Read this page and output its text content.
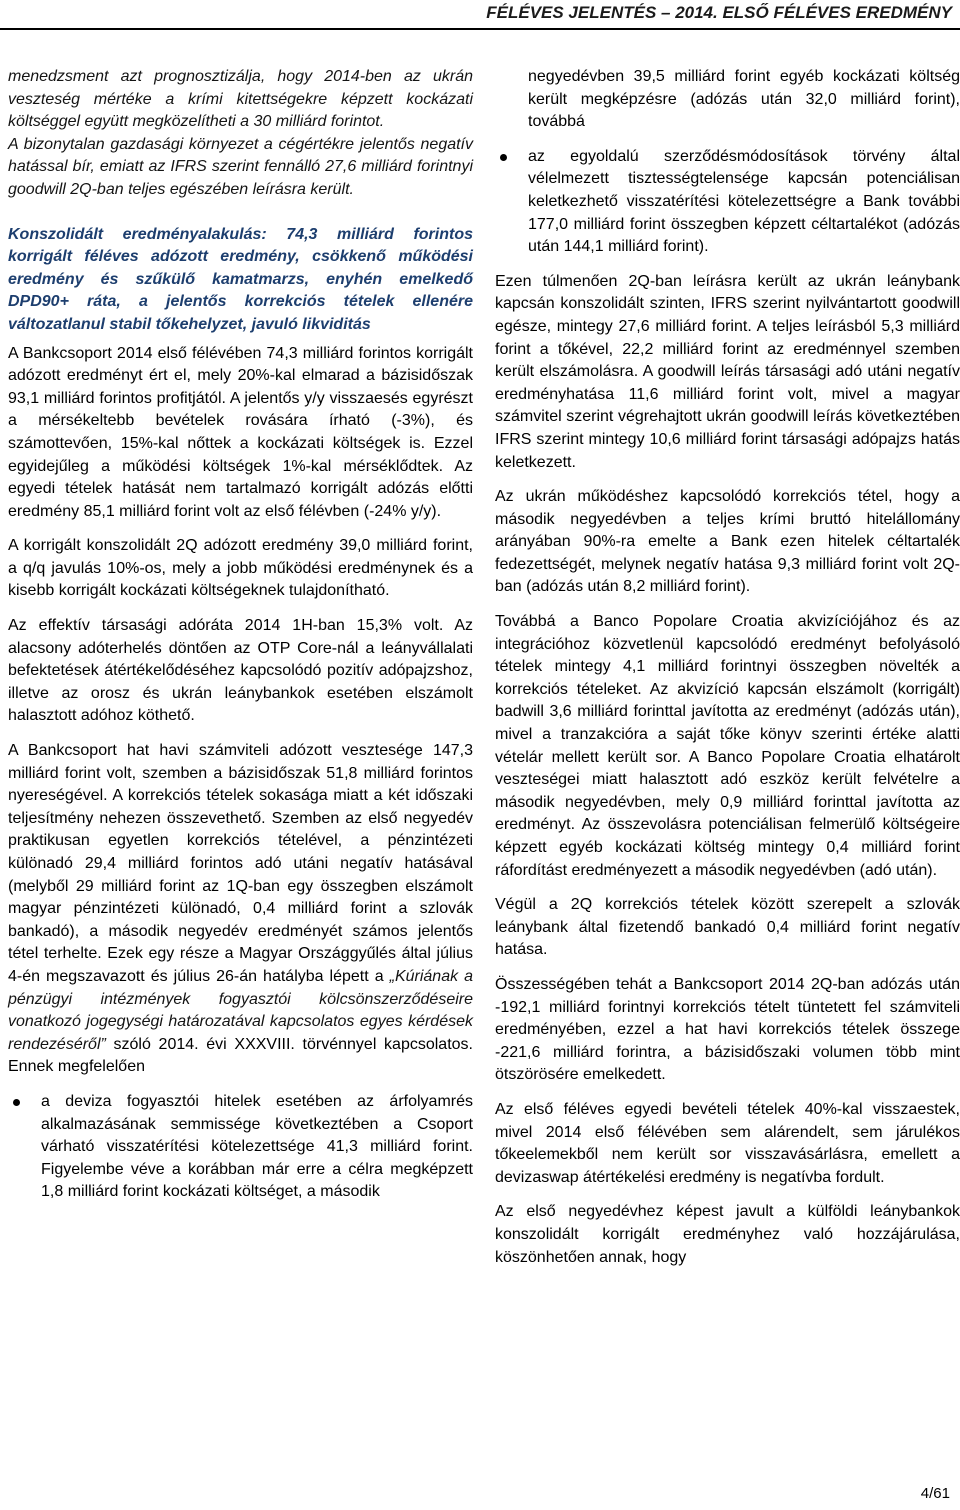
FÉLÉVES JELENTÉS – 2014. ELSŐ FÉLÉVES EREDMÉNY

menedzsment azt prognosztizálja, hogy 2014-ben az ukrán veszteség mértéke a krími kitettségekre képzett kockázati költséggel együtt megközelítheti a 30 milliárd forintot.

A bizonytalan gazdasági környezet a cégértékre jelentős negatív hatással bír, emiatt az IFRS szerint fennálló 27,6 milliárd forintnyi goodwill 2Q-ban teljes egészében leírásra került.

Konszolidált eredményalakulás: 74,3 milliárd forintos korrigált féléves adózott eredmény, csökkenő működési eredmény és szűkülő kamatmarzs, enyhén emelkedő DPD90+ ráta, a jelentős korrekciós tételek ellenére változatlanul stabil tőkehelyzet, javuló likviditás

A Bankcsoport 2014 első félévében 74,3 milliárd forintos korrigált adózott eredményt ért el, mely 20%-kal elmarad a bázisidőszak 93,1 milliárd forintos profitjától. A jelentős y/y visszaesés egyrészt a mérsékeltebb bevételek rovására írható (-3%), és számottevően, 15%-kal nőttek a kockázati költségek is. Ezzel egyidejűleg a működési költségek 1%-kal mérséklődtek. Az egyedi tételek hatását nem tartalmazó korrigált adózás előtti eredmény 85,1 milliárd forint volt az első félévben (-24% y/y).

A korrigált konszolidált 2Q adózott eredmény 39,0 milliárd forint, a q/q javulás 10%-os, mely a jobb működési eredménynek és a kisebb korrigált kockázati költségeknek tulajdonítható.

Az effektív társasági adóráta 2014 1H-ban 15,3% volt. Az alacsony adóterhelés döntően az OTP Core-nál a leányvállalati befektetések átértékelődéséhez kapcsolódó pozitív adópajzshoz, illetve az orosz és ukrán leánybankok esetében elszámolt halasztott adóhoz köthető.

A Bankcsoport hat havi számviteli adózott vesztesége 147,3 milliárd forint volt, szemben a bázisidőszak 51,8 milliárd forintos nyereségével. A korrekciós tételek sokasága miatt a két időszaki teljesítmény nehezen összevethető. Szemben az első negyedév praktikusan egyetlen korrekciós tételével, a pénzintézeti különadó 29,4 milliárd forintos adó utáni negatív hatásával (melyből 29 milliárd forint az 1Q-ban egy összegben elszámolt magyar pénzintézeti különadó, 0,4 milliárd forint a szlovák bankadó), a második negyedév eredményét számos jelentős tétel terhelte. Ezek egy része a Magyar Országgyűlés által július 4-én megszavazott és július 26-án hatályba lépett a „Kúriának a pénzügyi intézmények fogyasztói kölcsönszerződéseire vonatkozó jogegységi határozatával kapcsolatos egyes kérdések rendezéséről” szóló 2014. évi XXXVIII. törvénnyel kapcsolatos. Ennek megfelelően

a deviza fogyasztói hitelek esetében az árfolyamrés alkalmazásának semmissége következtében a Csoport várható visszatérítési kötelezettsége 41,3 milliárd forint. Figyelembe véve a korábban már erre a célra megképzett 1,8 milliárd forint kockázati költséget, a második

negyedévben 39,5 milliárd forint egyéb kockázati költség került megképzésre (adózás után 32,0 milliárd forint), továbbá

az egyoldalú szerződésmódosítások törvény által vélelmezett tisztességtelensége kapcsán potenciálisan keletkezhető visszatérítési kötelezettségre a Bank további 177,0 milliárd forint összegben képzett céltartalékot (adózás után 144,1 milliárd forint).

Ezen túlmenően 2Q-ban leírásra került az ukrán leánybank kapcsán konszolidált szinten, IFRS szerint nyilvántartott goodwill egésze, mintegy 27,6 milliárd forint. A teljes leírásból 5,3 milliárd forint a tőkével, 22,2 milliárd forint az eredménnyel szemben került elszámolásra. A goodwill leírás társasági adó utáni negatív eredményhatása 11,6 milliárd forint volt, mivel a magyar számvitel szerint végrehajtott ukrán goodwill leírás következtében IFRS szerint mintegy 10,6 milliárd forint társasági adópajzs hatás keletkezett.

Az ukrán működéshez kapcsolódó korrekciós tétel, hogy a második negyedévben a teljes krími bruttó hitelállomány arányában 90%-ra emelte a Bank ezen hitelek céltartalék fedezettségét, melynek negatív hatása 9,3 milliárd forint volt 2Q-ban (adózás után 8,2 milliárd forint).

Továbbá a Banco Popolare Croatia akvizíciójához és az integrációhoz közvetlenül kapcsolódó eredményt befolyásoló tételek mintegy 4,1 milliárd forintnyi összegben növelték a korrekciós tételeket. Az akvizíció kapcsán elszámolt (korrigált) badwill 3,6 milliárd forinttal javította az eredményt (adózás után), mivel a tranzakcióra a saját tőke könyv szerinti értéke alatti vételár mellett került sor. A Banco Popolare Croatia elhatárolt veszteségei miatt halasztott adó eszköz került felvételre a második negyedévben, mely 0,9 milliárd forinttal javította az eredményt. Az összevolásra potenciálisan felmerülő költségeire képzett egyéb kockázati költség mintegy 0,4 milliárd forint ráfordítást eredményezett a második negyedévben (adó után).

Végül a 2Q korrekciós tételek között szerepelt a szlovák leánybank által fizetendő bankadó 0,4 milliárd forint negatív hatása.

Összességében tehát a Bankcsoport 2014 2Q-ban adózás után -192,1 milliárd forintnyi korrekciós tételt tüntetett fel számviteli eredményében, ezzel a hat havi korrekciós tételek összege -221,6 milliárd forintra, a bázisidőszaki volumen több mint ötszörösére emelkedett.

Az első féléves egyedi bevételi tételek 40%-kal visszaestek, mivel 2014 első félévében sem alárendelt, sem járulékos tőkeelemekből nem került sor visszavásárlásra, emellett a devizaswap átértékelési eredmény is negatívba fordult.

Az első negyedévhez képest javult a külföldi leánybankok konszolidált korrigált eredményhez való hozzájárulása, köszönhetően annak, hogy

4/61
